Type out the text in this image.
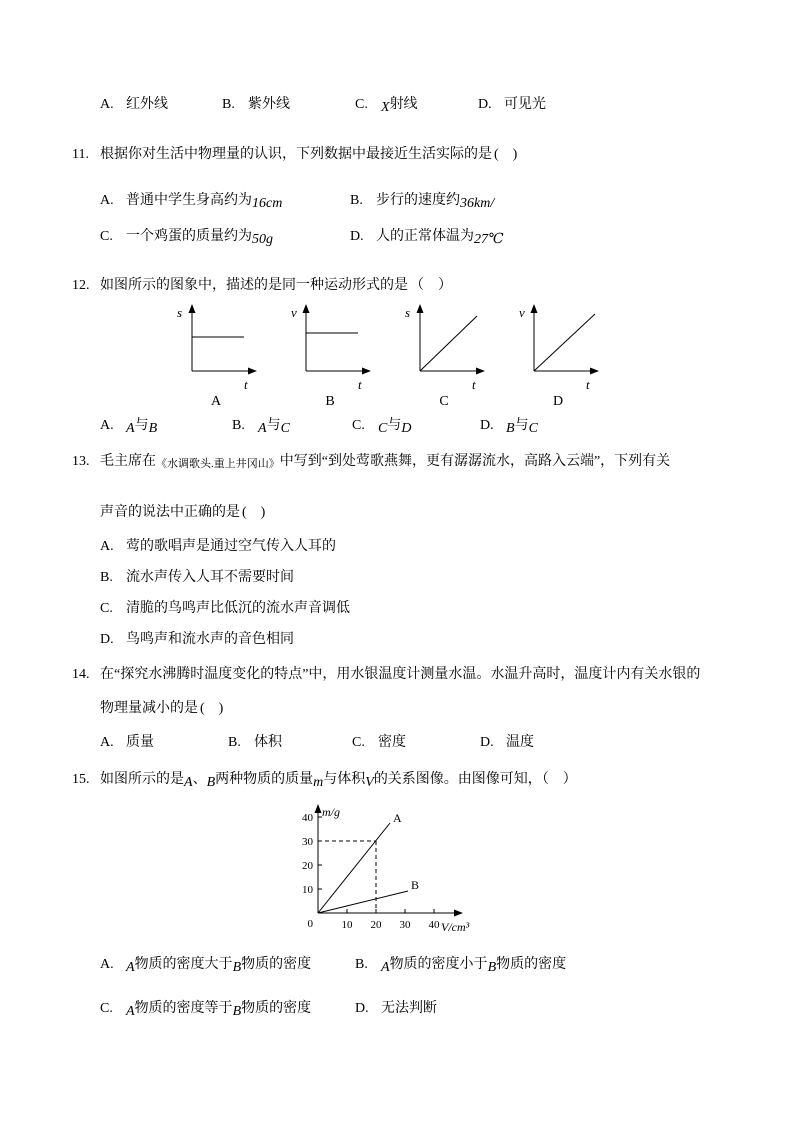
A. 红外线	B. 紫外线	C. X射线	D. 可见光
11. 根据你对生活中物理量的认识，下列数据中最接近生活实际的是 (　)
A. 普通中学生身高约为16cm	B. 步行的速度约36km/
C. 一个鸡蛋的质量约为50g	D. 人的正常体温为27℃
12. 如图所示的图象中，描述的是同一种运动形式的是 （　）
s
t
A
v
t
B
s
t
C
v
t
D
A. A与B	B. A与C	C. C与D	D. B与C
13. 毛主席在《水调歌头.重上井冈山》中写到“到处莺歌燕舞，更有潺潺流水，高路入云端”，下列有关
声音的说法中正确的是 (　)
A. 莺的歌唱声是通过空气传入人耳的
B. 流水声传入人耳不需要时间
C. 清脆的鸟鸣声比低沉的流水声音调低
D. 鸟鸣声和流水声的音色相同
14. 在“探究水沸腾时温度变化的特点”中，用水银温度计测量水温。水温升高时，温度计内有关水银的
物理量减小的是 (　)
A. 质量	B. 体积	C. 密度	D. 温度
15. 如图所示的是A、B两种物质的质量m与体积V的关系图像。由图像可知，（　）
m/g
V/cm³
0	10 20 30 40
10
20
30
40	A
B
A. A物质的密度大于B物质的密度	B. A物质的密度小于B物质的密度
C. A物质的密度等于B物质的密度	D. 无法判断
